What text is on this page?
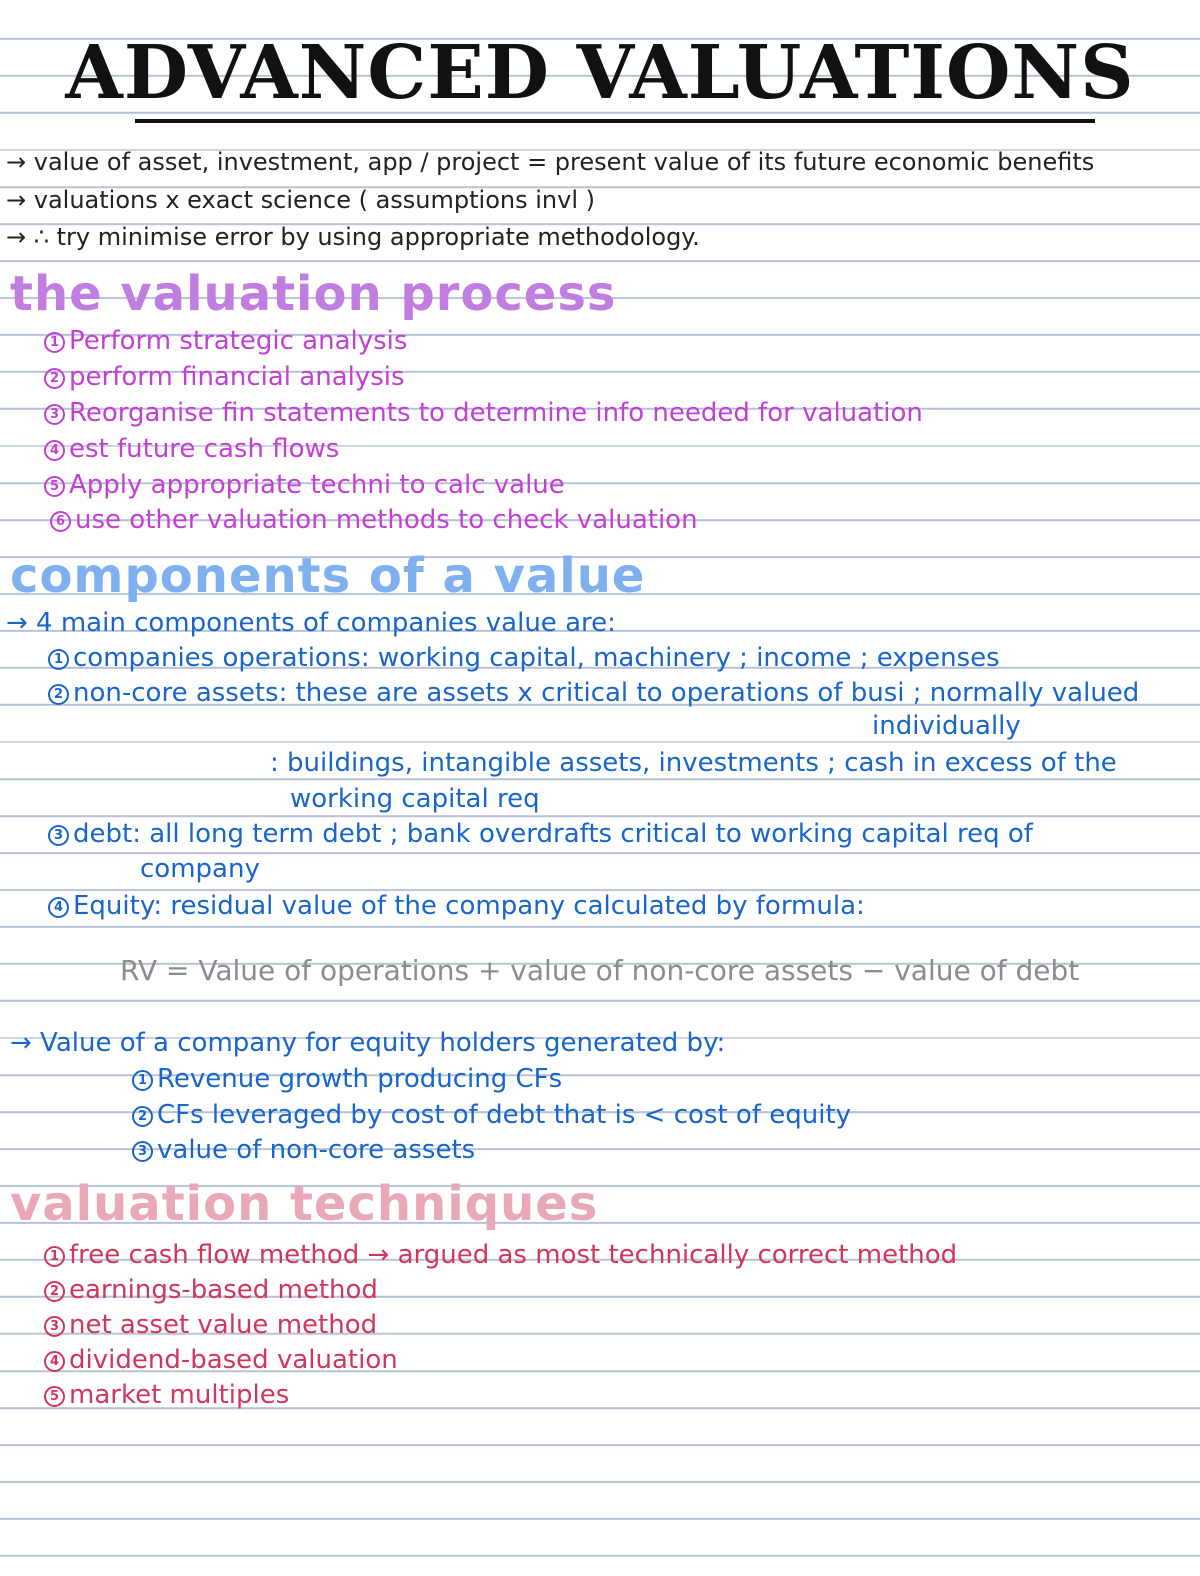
ADVANCED VALUATIONS
→ value of asset, investment, app / project = present value of its future economic benefits
→ valuations x exact science ( assumptions invl )
→ ∴ try minimise error by using appropriate methodology.
the valuation process
1 Perform strategic analysis
2 perform financial analysis
3 Reorganise fin statements to determine info needed for valuation
4 est future cash flows
5 Apply appropriate techni to calc value
6 use other valuation methods to check valuation
components of a value
→ 4 main components of companies value are:
1 companies operations: working capital, machinery ; income ; expenses
2 non-core assets: these are assets x critical to operations of busi ; normally valued
individually
: buildings, intangible assets, investments ; cash in excess of the
working capital req
3 debt: all long term debt ; bank overdrafts critical to working capital req of
company
4 Equity: residual value of the company calculated by formula:
RV = Value of operations + value of non-core assets − value of debt
→ Value of a company for equity holders generated by:
1 Revenue growth producing CFs
2 CFs leveraged by cost of debt that is < cost of equity
3 value of non-core assets
valuation techniques
1 free cash flow method → argued as most technically correct method
2 earnings-based method
3 net asset value method
4 dividend-based valuation
5 market multiples
